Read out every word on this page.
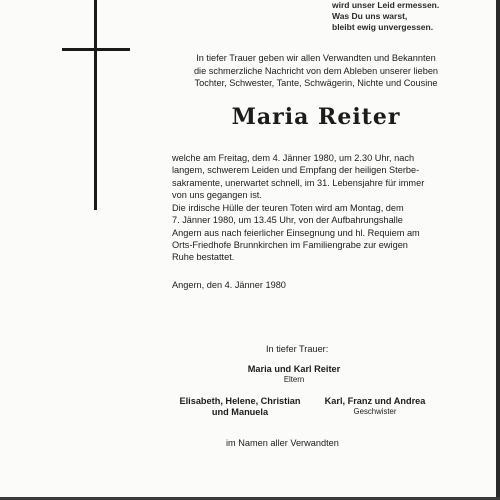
wird unser Leid ermessen.
Was Du uns warst,
bleibt ewig unvergessen.
In tiefer Trauer geben wir allen Verwandten und Bekannten
die schmerzliche Nachricht von dem Ableben unserer lieben
Tochter, Schwester, Tante, Schwägerin, Nichte und Cousine
Maria Reiter
welche am Freitag, dem 4. Jänner 1980, um 2.30 Uhr, nach
langem, schwerem Leiden und Empfang der heiligen Sterbe-
sakramente, unerwartet schnell, im 31. Lebensjahre für immer
von uns gegangen ist.
Die irdische Hülle der teuren Toten wird am Montag, dem
7. Jänner 1980, um 13.45 Uhr, von der Aufbahrungshalle
Angern aus nach feierlicher Einsegnung und hl. Requiem am
Orts-Friedhofe Brunnkirchen im Familiengrabe zur ewigen
Ruhe bestattet.
Angern, den 4. Jänner 1980
In tiefer Trauer:
Maria und Karl Reiter
Eltern
Elisabeth, Helene, Christian
und Manuela
Karl, Franz und Andrea
Geschwister
im Namen aller Verwandten
